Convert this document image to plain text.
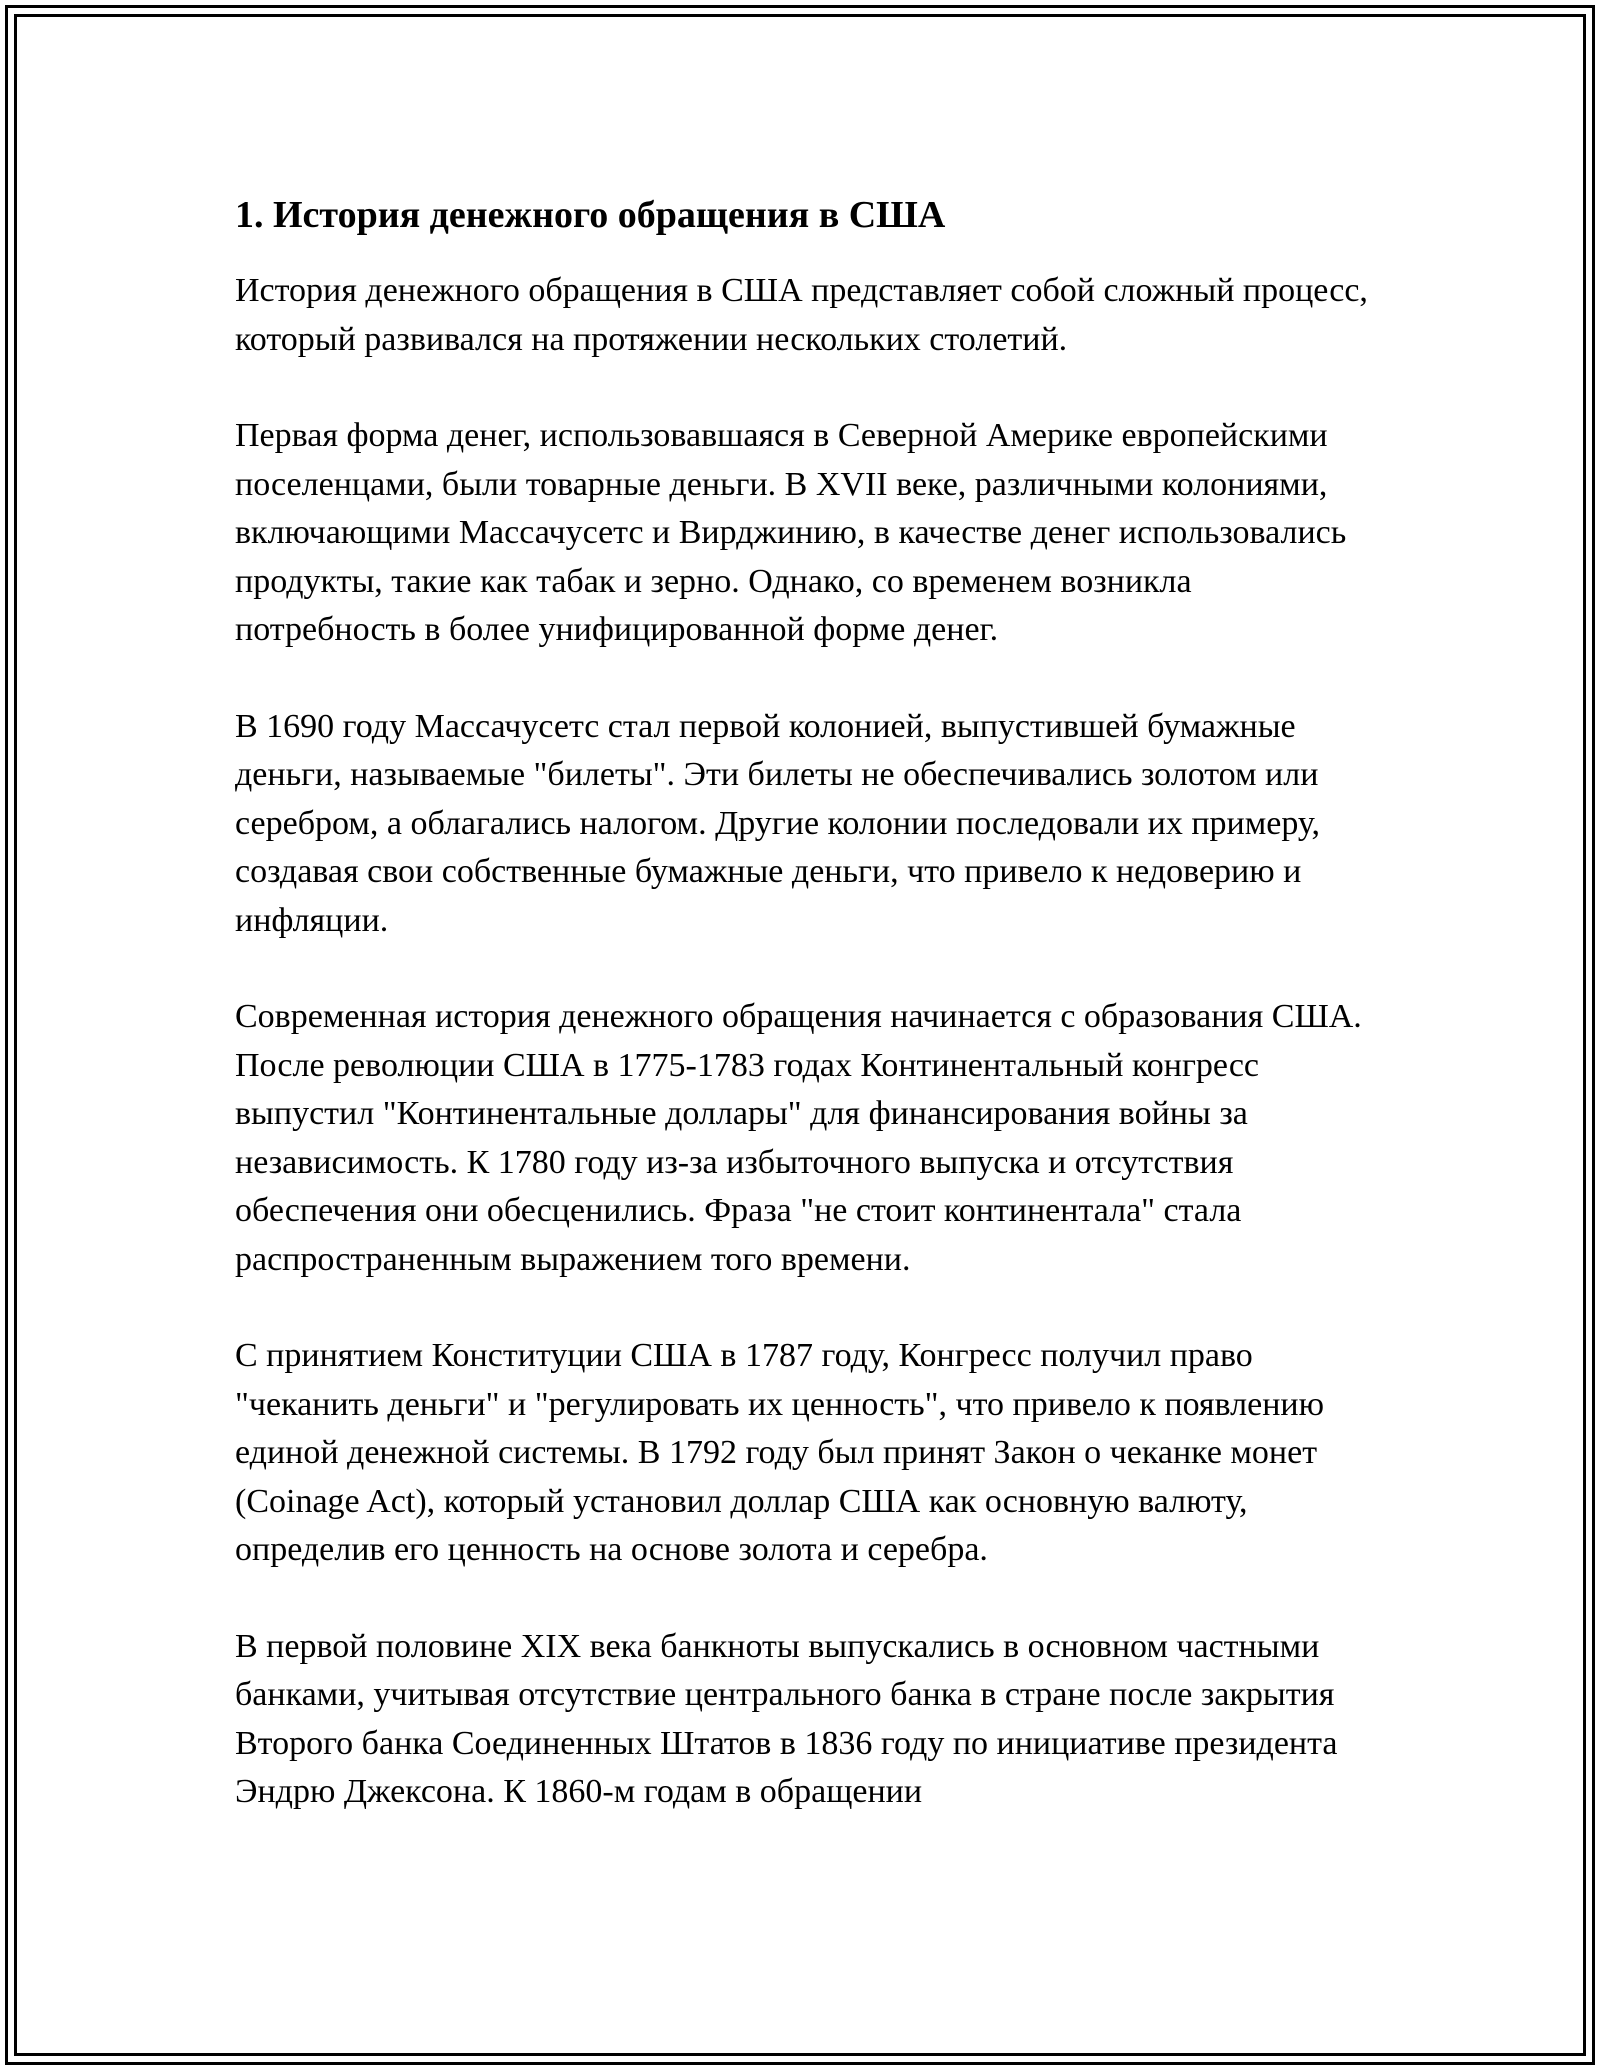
1. История денежного обращения в США

История денежного обращения в США представляет собой сложный процесс, который развивался на протяжении нескольких столетий.

Первая форма денег, использовавшаяся в Северной Америке европейскими поселенцами, были товарные деньги. В XVII веке, различными колониями, включающими Массачусетс и Вирджинию, в качестве денег использовались продукты, такие как табак и зерно. Однако, со временем возникла потребность в более унифицированной форме денег.

В 1690 году Массачусетс стал первой колонией, выпустившей бумажные деньги, называемые "билеты". Эти билеты не обеспечивались золотом или серебром, а облагались налогом. Другие колонии последовали их примеру, создавая свои собственные бумажные деньги, что привело к недоверию и инфляции.

Современная история денежного обращения начинается с образования США. После революции США в 1775-1783 годах Континентальный конгресс выпустил "Континентальные доллары" для финансирования войны за независимость. К 1780 году из-за избыточного выпуска и отсутствия обеспечения они обесценились. Фраза "не стоит континентала" стала распространенным выражением того времени.

С принятием Конституции США в 1787 году, Конгресс получил право "чеканить деньги" и "регулировать их ценность", что привело к появлению единой денежной системы. В 1792 году был принят Закон о чеканке монет (Coinage Act), который установил доллар США как основную валюту, определив его ценность на основе золота и серебра.

В первой половине XIX века банкноты выпускались в основном частными банками, учитывая отсутствие центрального банка в стране после закрытия Второго банка Соединенных Штатов в 1836 году по инициативе президента Эндрю Джексона. К 1860-м годам в обращении
